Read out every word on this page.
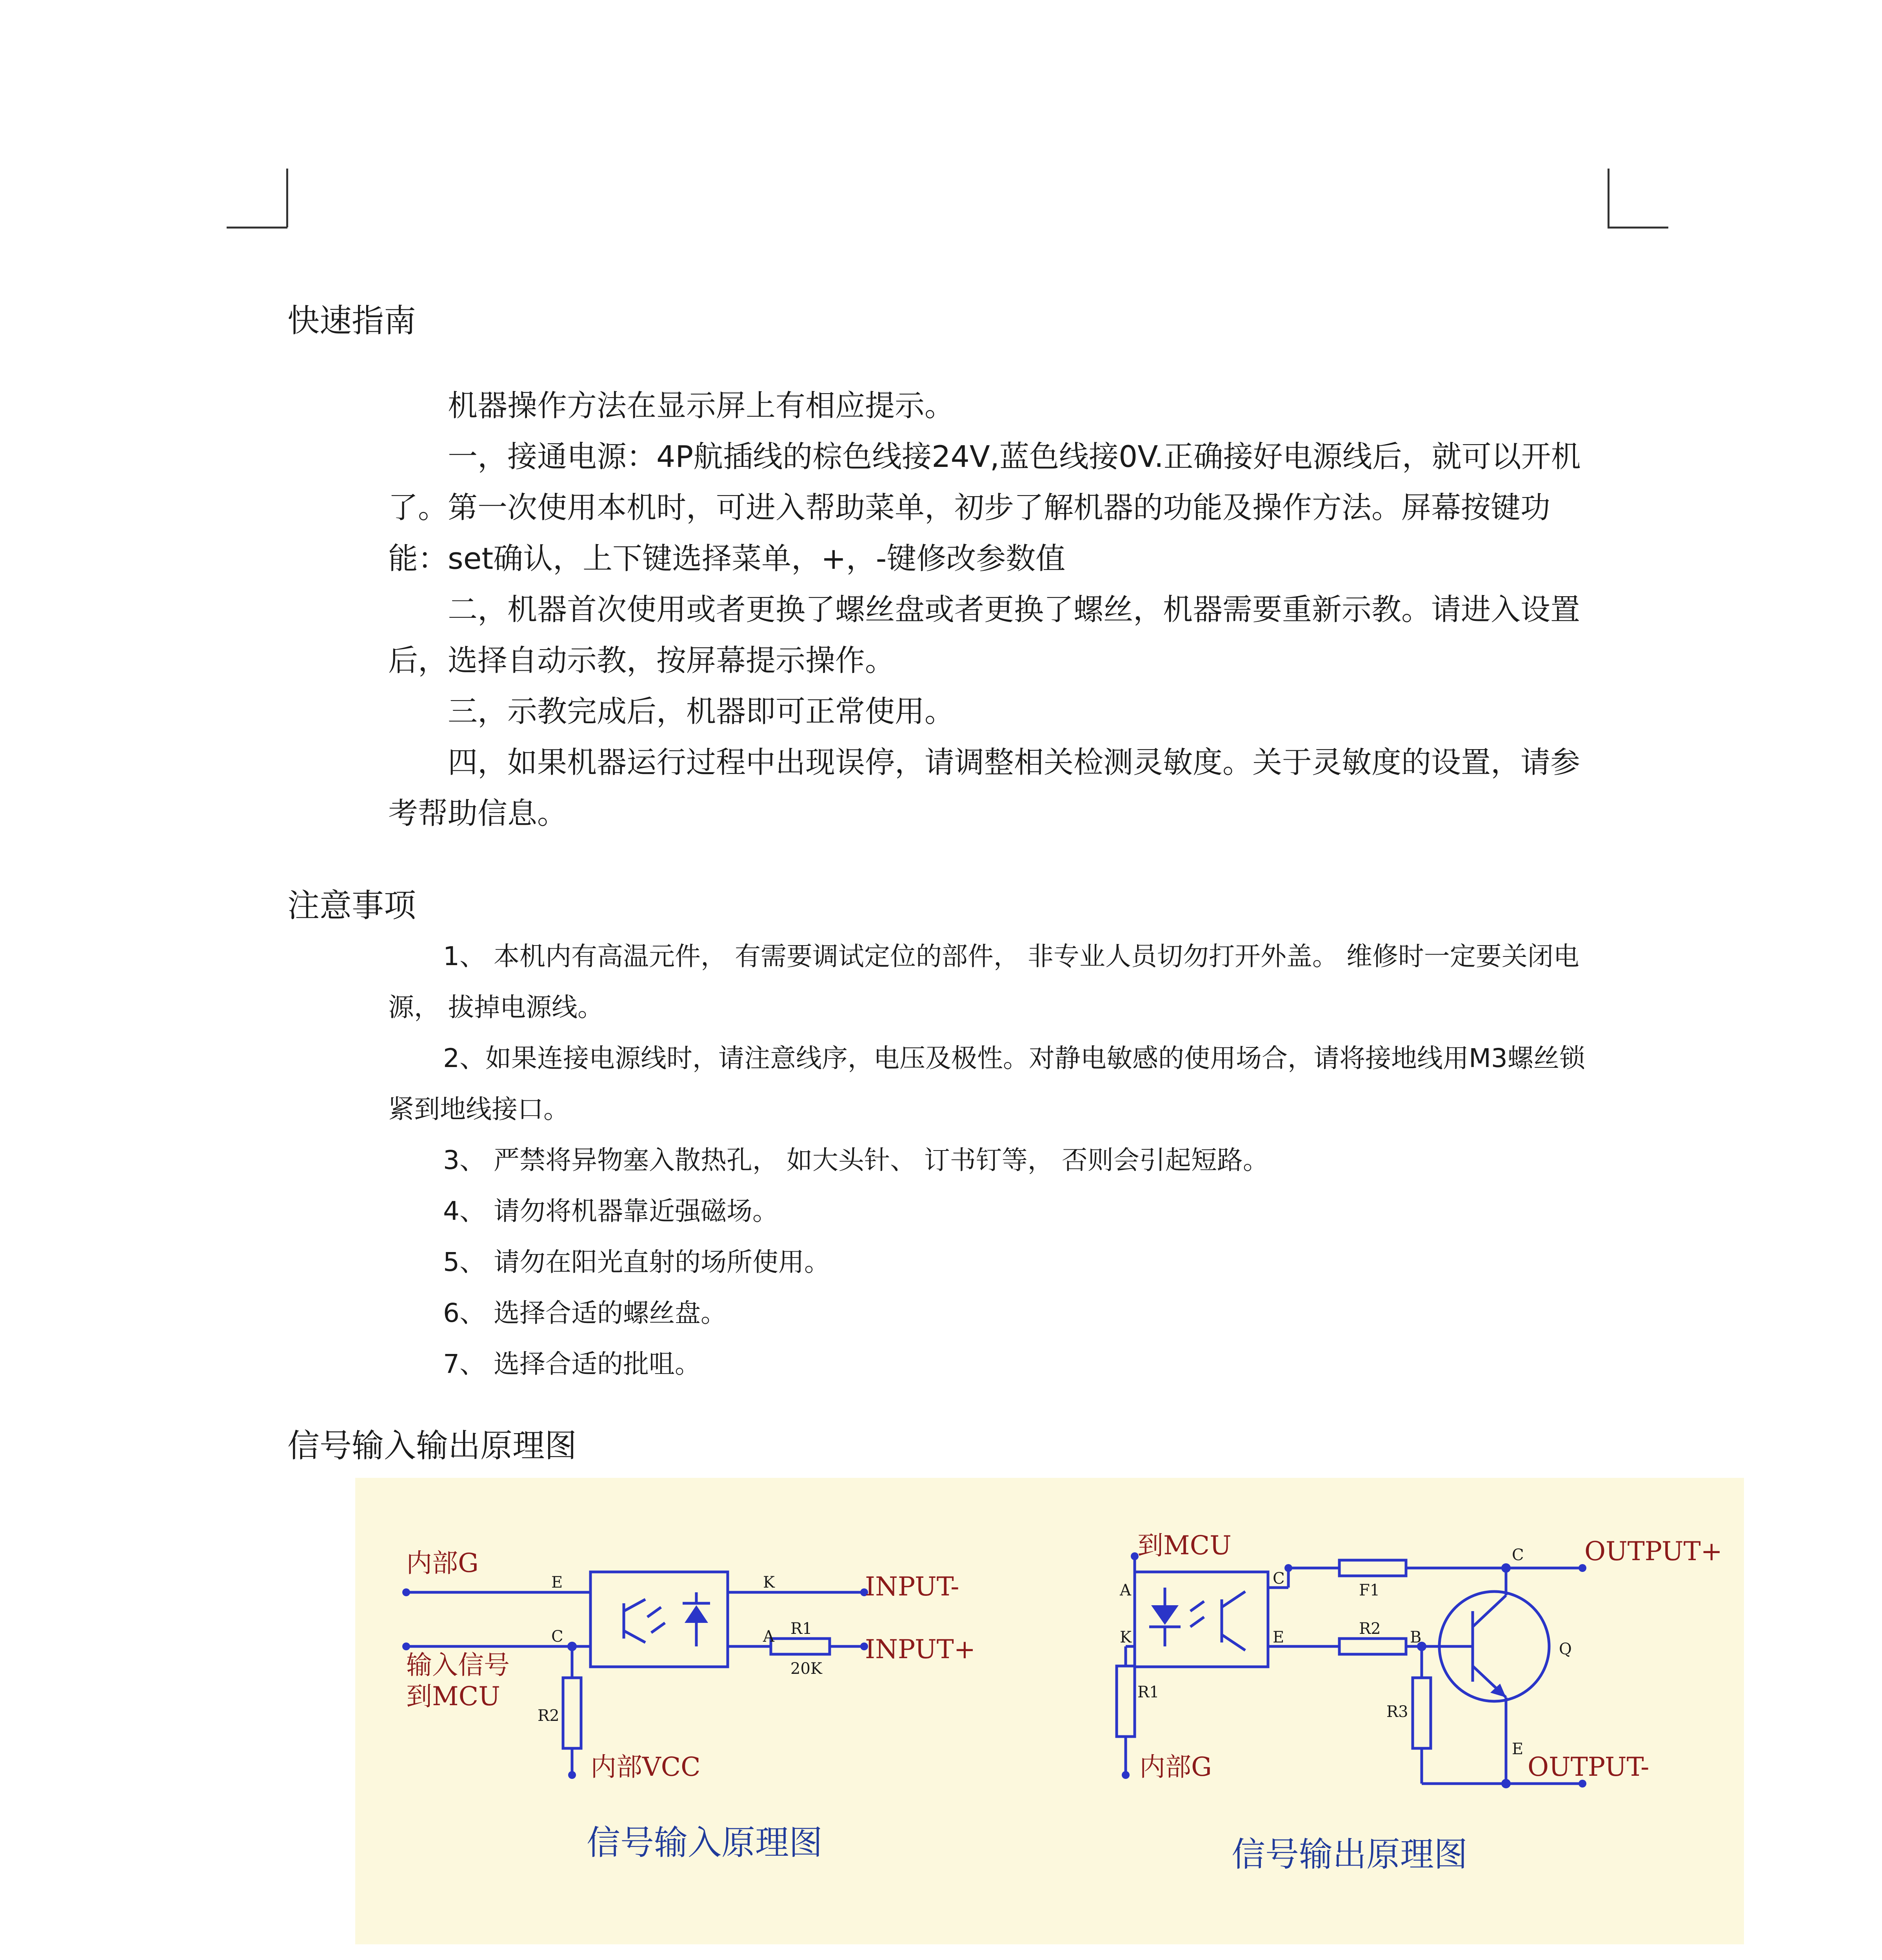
快速指南

机器操作方法在显示屏上有相应提示。

一，接通电源：4P航插线的棕色线接24V,蓝色线接0V.正确接好电源线后，就可以开机了。第一次使用本机时，可进入帮助菜单，初步了解机器的功能及操作方法。屏幕按键功能：set确认，上下键选择菜单，+，-键修改参数值

二，机器首次使用或者更换了螺丝盘或者更换了螺丝，机器需要重新示教。请进入设置后，选择自动示教，按屏幕提示操作。

三，示教完成后，机器即可正常使用。

四，如果机器运行过程中出现误停，请调整相关检测灵敏度。关于灵敏度的设置，请参考帮助信息。

注意事项

1、 本机内有高温元件， 有需要调试定位的部件， 非专业人员切勿打开外盖。 维修时一定要关闭电源， 拔掉电源线。

2、如果连接电源线时，请注意线序，电压及极性。对静电敏感的使用场合，请将接地线用M3螺丝锁紧到地线接口。

3、 严禁将异物塞入散热孔， 如大头针、 订书钉等， 否则会引起短路。

4、 请勿将机器靠近强磁场。

5、 请勿在阳光直射的场所使用。

6、 选择合适的螺丝盘。

7、 选择合适的批咀。

信号输入输出原理图
内部G
输入信号
到MCU
内部VCC
INPUT-
INPUT+
E
C
K
A R1
20K
R2
信号输入原理图
到MCU
内部G
OUTPUT+
OUTPUT-
A
K
C
E	B
Q
C
E
F1
R2
R1
R3
信号输出原理图
